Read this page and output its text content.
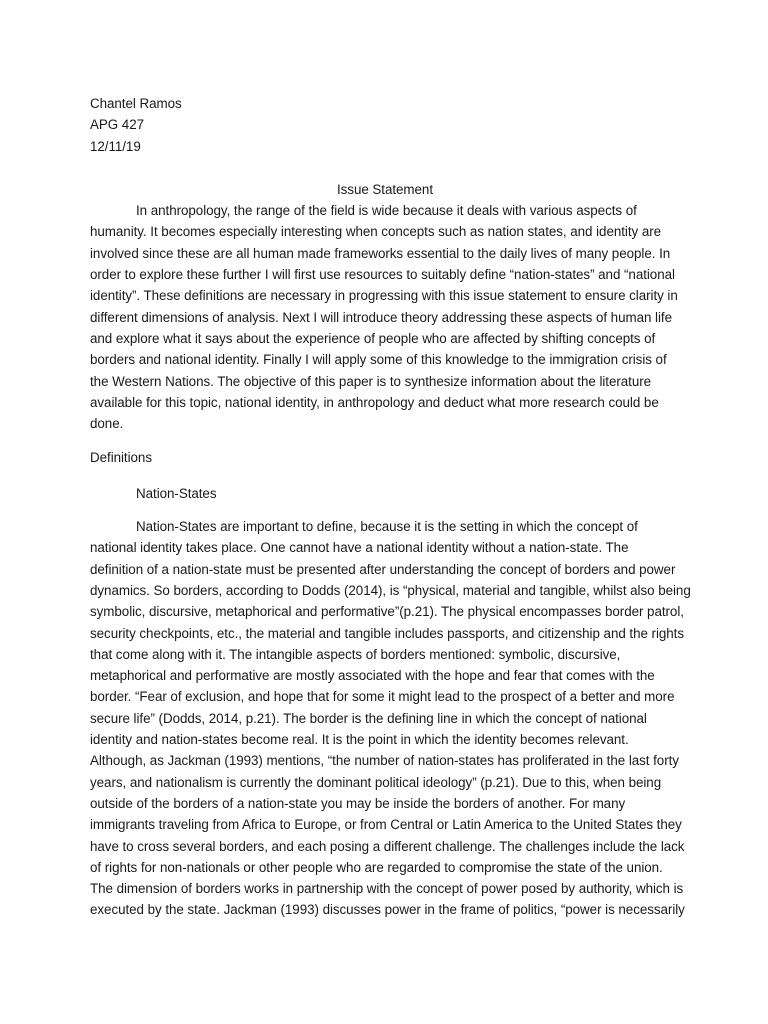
Chantel Ramos
APG 427
12/11/19
Issue Statement
In anthropology, the range of the field is wide because it deals with various aspects of
humanity. It becomes especially interesting when concepts such as nation states, and identity are
involved since these are all human made frameworks essential to the daily lives of many people. In
order to explore these further I will first use resources to suitably define “nation-states” and “national
identity”. These definitions are necessary in progressing with this issue statement to ensure clarity in
different dimensions of analysis. Next I will introduce theory addressing these aspects of human life
and explore what it says about the experience of people who are affected by shifting concepts of
borders and national identity. Finally I will apply some of this knowledge to the immigration crisis of
the Western Nations. The objective of this paper is to synthesize information about the literature
available for this topic, national identity, in anthropology and deduct what more research could be
done.
Definitions
Nation-States
Nation-States are important to define, because it is the setting in which the concept of
national identity takes place. One cannot have a national identity without a nation-state. The
definition of a nation-state must be presented after understanding the concept of borders and power
dynamics. So borders, according to Dodds (2014), is “physical, material and tangible, whilst also being
symbolic, discursive, metaphorical and performative”(p.21). The physical encompasses border patrol,
security checkpoints, etc., the material and tangible includes passports, and citizenship and the rights
that come along with it. The intangible aspects of borders mentioned: symbolic, discursive,
metaphorical and performative are mostly associated with the hope and fear that comes with the
border. “Fear of exclusion, and hope that for some it might lead to the prospect of a better and more
secure life” (Dodds, 2014, p.21). The border is the defining line in which the concept of national
identity and nation-states become real. It is the point in which the identity becomes relevant.
Although, as Jackman (1993) mentions, “the number of nation-states has proliferated in the last forty
years, and nationalism is currently the dominant political ideology” (p.21). Due to this, when being
outside of the borders of a nation-state you may be inside the borders of another. For many
immigrants traveling from Africa to Europe, or from Central or Latin America to the United States they
have to cross several borders, and each posing a different challenge. The challenges include the lack
of rights for non-nationals or other people who are regarded to compromise the state of the union.
The dimension of borders works in partnership with the concept of power posed by authority, which is
executed by the state. Jackman (1993) discusses power in the frame of politics, “power is necessarily
